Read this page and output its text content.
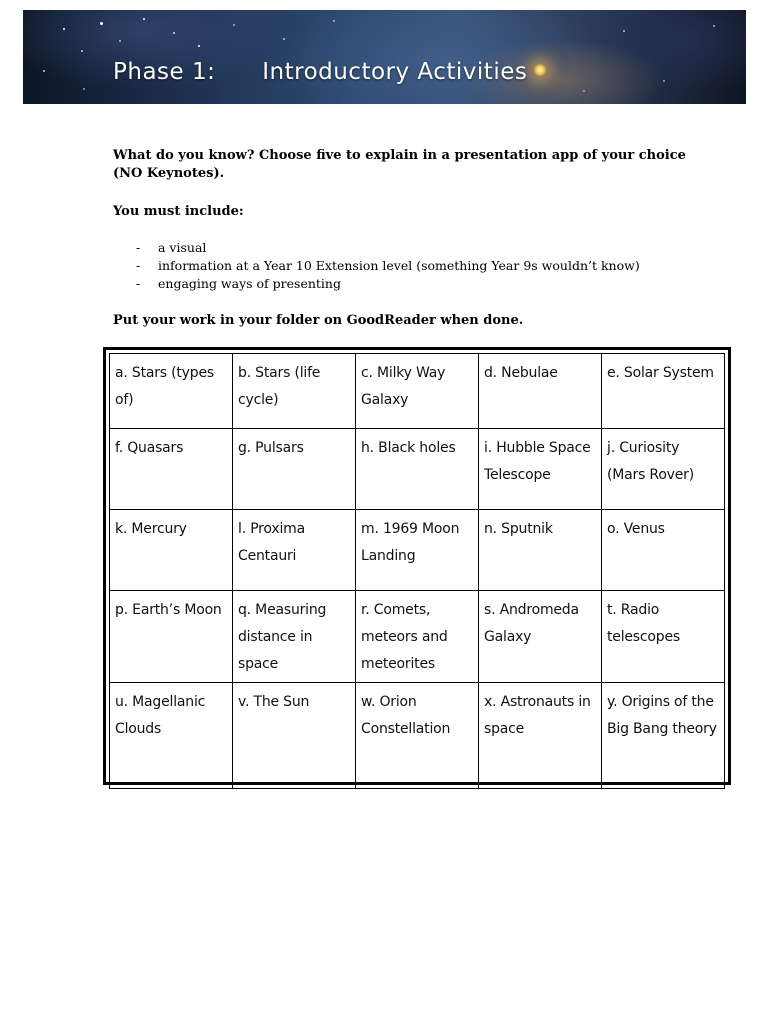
Phase 1:      Introductory Activities
What do you know? Choose five to explain in a presentation app of your choice (NO Keynotes).
You must include:
- a visual
- information at a Year 10 Extension level (something Year 9s wouldn’t know)
- engaging ways of presenting
Put your work in your folder on GoodReader when done.
a. Stars (types of)	b. Stars (life cycle)	c. Milky Way Galaxy	d. Nebulae	e. Solar System
f. Quasars	g. Pulsars	h. Black holes	i. Hubble Space Telescope	j. Curiosity (Mars Rover)
k. Mercury	l. Proxima Centauri	m. 1969 Moon Landing	n. Sputnik	o. Venus
p. Earth’s Moon	q. Measuring distance in space	r. Comets, meteors and meteorites	s. Andromeda Galaxy	t. Radio telescopes
u. Magellanic Clouds	v. The Sun	w. Orion Constellation	x. Astronauts in space	y. Origins of the Big Bang theory
